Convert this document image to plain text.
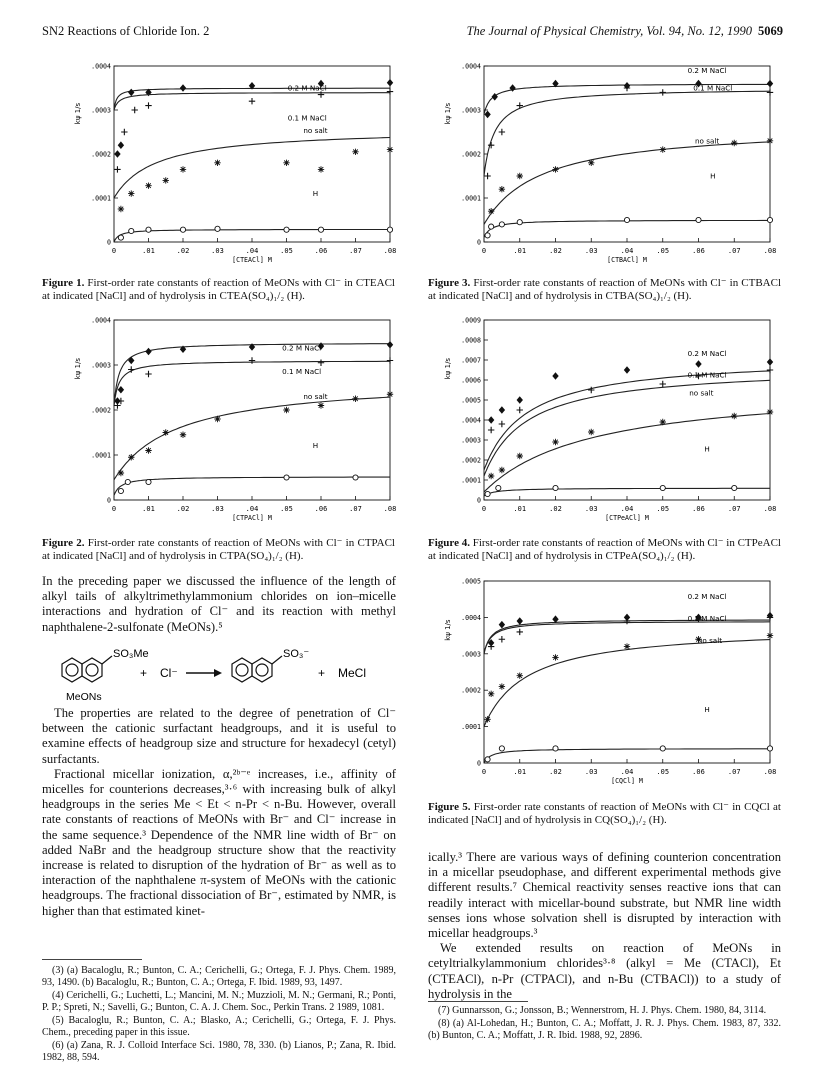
SN2 Reactions of Chloride Ion. 2	The Journal of Physical Chemistry, Vol. 94, No. 12, 1990 5069
0	.01	.02	.03	.04	.05	.06	.07	.08
0
.0001
.0002
.0003
.0004
[CTEACl] M
kψ 1/s
0.2 M NaCl
0.1 M NaCl
no salt
H
Figure 1. First-order rate constants of reaction of MeONs with Cl⁻ in CTEACl at indicated [NaCl] and of hydrolysis in CTEA(SO₄)₁/₂ (H).
0	.01	.02	.03	.04	.05	.06	.07	.08
0
.0001
.0002
.0003
.0004
[CTPACl] M
kψ 1/s
0.2 M NaCl
0.1 M NaCl
no salt
H
Figure 2. First-order rate constants of reaction of MeONs with Cl⁻ in CTPACl at indicated [NaCl] and of hydrolysis in CTPA(SO₄)₁/₂ (H).
0	.01	.02	.03	.04	.05	.06	.07	.08
0
.0001
.0002
.0003
.0004
[CTBACl] M
kψ 1/s
0.2 M NaCl
0.1 M NaCl
no salt
H
Figure 3. First-order rate constants of reaction of MeONs with Cl⁻ in CTBACl at indicated [NaCl] and of hydrolysis in CTBA(SO₄)₁/₂ (H).
0	.01	.02	.03	.04	.05	.06	.07	.08
0
.0001
.0002
.0003
.0004
.0005
.0006
.0007
.0008
.0009
[CTPeACl] M
kψ 1/s
0.2 M NaCl
0.1 M NaCl
no salt
H
Figure 4. First-order rate constants of reaction of MeONs with Cl⁻ in CTPeACl at indicated [NaCl] and of hydrolysis in CTPeA(SO₄)₁/₂ (H).
0	.01	.02	.03	.04	.05	.06	.07	.08
0
.0001
.0002
.0003
.0004
.0005
[CQCl] M
kψ 1/s
0.2 M NaCl
0.1 M NaCl
no salt
H
Figure 5. First-order rate constants of reaction of MeONs with Cl⁻ in CQCl at indicated [NaCl] and of hydrolysis in CQ(SO₄)₁/₂ (H).

In the preceding paper we discussed the influence of the length of alkyl tails of alkyltrimethylammonium chlorides on ion–micelle interactions and hydration of Cl⁻ and its reaction with methyl naphthalene-2-sulfonate (MeONs).⁵

SO₃Me
+ Cl⁻
SO₃⁻
+ MeCl
MeONs

The properties are related to the degree of penetration of Cl⁻ between the cationic surfactant headgroups, and it is useful to examine effects of headgroup size and structure for hexadecyl (cetyl) surfactants.

Fractional micellar ionization, α,²ᵇ⁻ᵉ increases, i.e., affinity of micelles for counterions decreases,³·⁶ with increasing bulk of alkyl headgroups in the series Me < Et < n-Pr < n-Bu. However, overall rate constants of reactions of MeONs with Br⁻ and Cl⁻ increase in the same sequence.³ Dependence of the NMR line width of Br⁻ on added NaBr and the headgroup structure show that the reactivity increase is related to disruption of the hydration of Br⁻ as well as to interaction of the naphthalene π-system of MeONs with the cationic headgroups. The fractional dissociation of Br⁻, estimated by NMR, is higher than that estimated kinet-

ically.³ There are various ways of defining counterion concentration in a micellar pseudophase, and different experimental methods give different results.⁷ Chemical reactivity senses reactive ions that can readily interact with micellar-bound substrate, but NMR line width senses ions whose solvation shell is disrupted by interaction with micellar headgroups.³

We extended results on reaction of MeONs in cetyltrialkylammonium chlorides³·⁸ (alkyl = Me (CTACl), Et (CTEACl), n-Pr (CTPACl), and n-Bu (CTBACl)) to a study of hydrolysis in the

(3) (a) Bacaloglu, R.; Bunton, C. A.; Cerichelli, G.; Ortega, F. J. Phys. Chem. 1989, 93, 1490. (b) Bacaloglu, R.; Bunton, C. A.; Ortega, F. Ibid. 1989, 93, 1497.

(4) Cerichelli, G.; Luchetti, L.; Mancini, M. N.; Muzzioli, M. N.; Germani, R.; Ponti, P. P.; Spreti, N.; Savelli, G.; Bunton, C. A. J. Chem. Soc., Perkin Trans. 2 1989, 1081.

(5) Bacaloglu, R.; Bunton, C. A.; Blasko, A.; Cerichelli, G.; Ortega, F. J. Phys. Chem., preceding paper in this issue.

(6) (a) Zana, R. J. Colloid Interface Sci. 1980, 78, 330. (b) Lianos, P.; Zana, R. Ibid. 1982, 88, 594.

(7) Gunnarsson, G.; Jonsson, B.; Wennerstrom, H. J. Phys. Chem. 1980, 84, 3114.

(8) (a) Al-Lohedan, H.; Bunton, C. A.; Moffatt, J. R. J. Phys. Chem. 1983, 87, 332. (b) Bunton, C. A.; Moffatt, J. R. Ibid. 1988, 92, 2896.
